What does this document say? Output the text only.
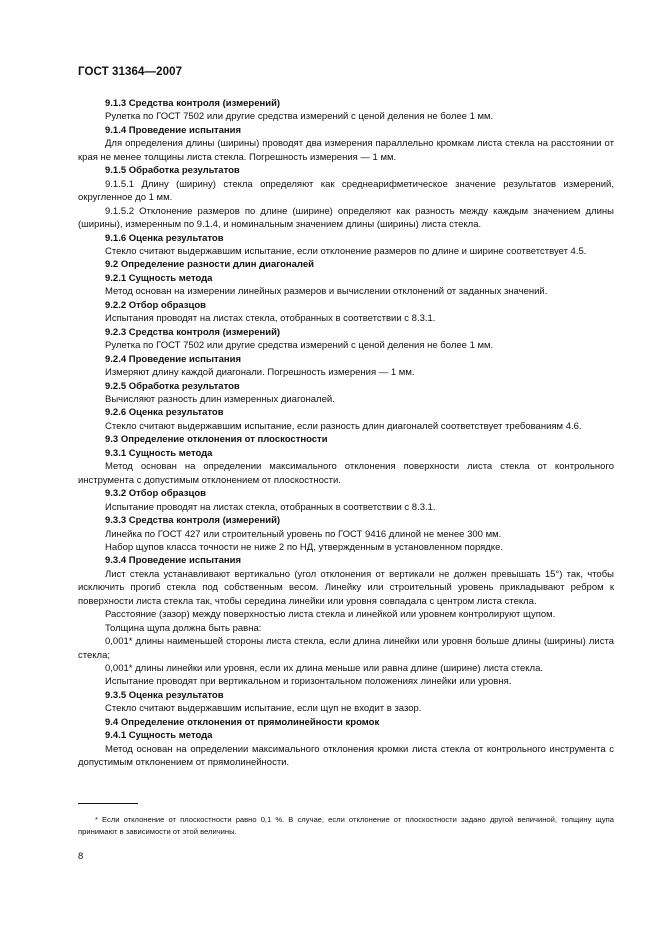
ГОСТ 31364—2007

9.1.3 Средства контроля (измерений)

Рулетка по ГОСТ 7502 или другие средства измерений с ценой деления не более 1 мм.

9.1.4 Проведение испытания

Для определения длины (ширины) проводят два измерения параллельно кромкам листа стекла на расстоянии от края не менее толщины листа стекла. Погрешность измерения — 1 мм.

9.1.5 Обработка результатов

9.1.5.1 Длину (ширину) стекла определяют как среднеарифметическое значение результатов измерений, округленное до 1 мм.

9.1.5.2 Отклонение размеров по длине (ширине) определяют как разность между каждым значением длины (ширины), измеренным по 9.1.4, и номинальным значением длины (ширины) листа стекла.

9.1.6 Оценка результатов

Стекло считают выдержавшим испытание, если отклонение размеров по длине и ширине соответствует 4.5.

9.2 Определение разности длин диагоналей

9.2.1 Сущность метода

Метод основан на измерении линейных размеров и вычислении отклонений от заданных значений.

9.2.2 Отбор образцов

Испытания проводят на листах стекла, отобранных в соответствии с 8.3.1.

9.2.3 Средства контроля (измерений)

Рулетка по ГОСТ 7502 или другие средства измерений с ценой деления не более 1 мм.

9.2.4 Проведение испытания

Измеряют длину каждой диагонали. Погрешность измерения — 1 мм.

9.2.5 Обработка результатов

Вычисляют разность длин измеренных диагоналей.

9.2.6 Оценка результатов

Стекло считают выдержавшим испытание, если разность длин диагоналей соответствует требованиям 4.6.

9.3 Определение отклонения от плоскостности

9.3.1 Сущность метода

Метод основан на определении максимального отклонения поверхности листа стекла от контрольного инструмента с допустимым отклонением от плоскостности.

9.3.2 Отбор образцов

Испытание проводят на листах стекла, отобранных в соответствии с 8.3.1.

9.3.3 Средства контроля (измерений)

Линейка по ГОСТ 427 или строительный уровень по ГОСТ 9416 длиной не менее 300 мм.

Набор щупов класса точности не ниже 2 по НД, утвержденным в установленном порядке.

9.3.4 Проведение испытания

Лист стекла устанавливают вертикально (угол отклонения от вертикали не должен превышать 15°) так, чтобы исключить прогиб стекла под собственным весом. Линейку или строительный уровень прикладывают ребром к поверхности листа стекла так, чтобы середина линейки или уровня совпадала с центром листа стекла.

Расстояние (зазор) между поверхностью листа стекла и линейкой или уровнем контролируют щупом.

Толщина щупа должна быть равна:

0,001* длины наименьшей стороны листа стекла, если длина линейки или уровня больше длины (ширины) листа стекла;

0,001* длины линейки или уровня, если их длина меньше или равна длине (ширине) листа стекла.

Испытание проводят при вертикальном и горизонтальном положениях линейки или уровня.

9.3.5 Оценка результатов

Стекло считают выдержавшим испытание, если щуп не входит в зазор.

9.4 Определение отклонения от прямолинейности кромок

9.4.1 Сущность метода

Метод основан на определении максимального отклонения кромки листа стекла от контрольного инструмента с допустимым отклонением от прямолинейности.

* Если отклонение от плоскостности равно 0,1 %. В случае, если отклонение от плоскостности задано другой величиной, толщину щупа принимают в зависимости от этой величины.
8
